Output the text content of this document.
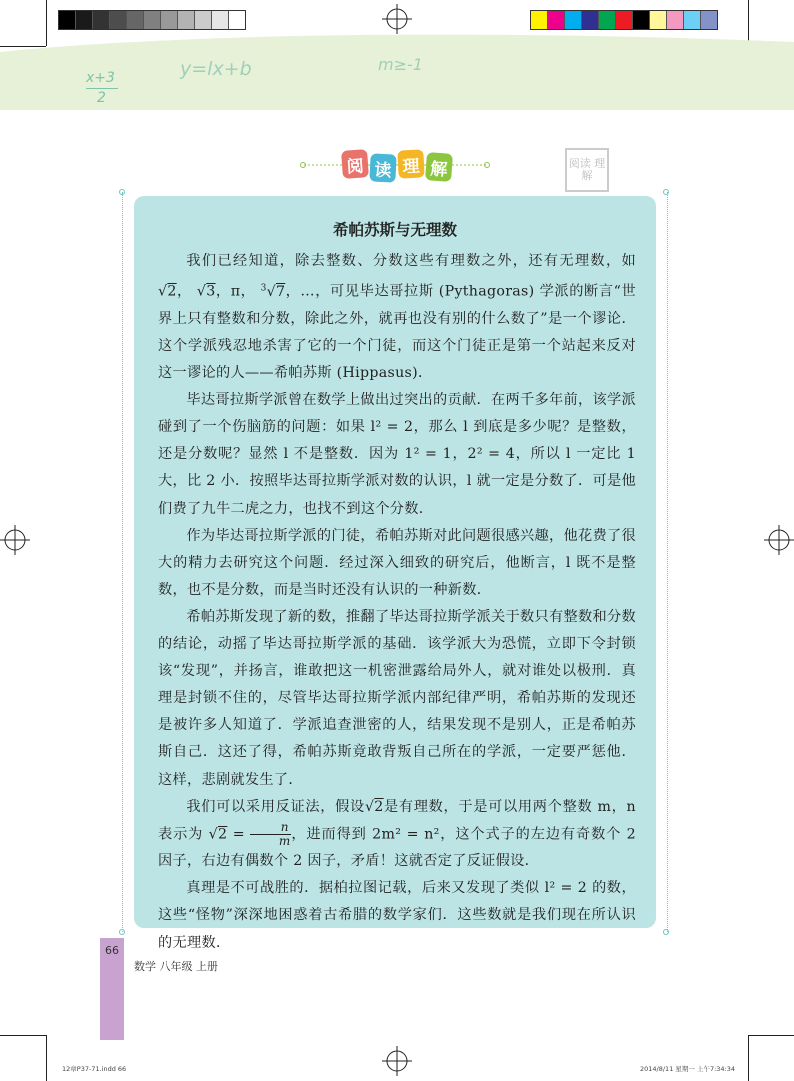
x+3
2
y=lx+b	m≥-1
阅 读 理 解	阅读 理解
希帕苏斯与无理数

我们已经知道，除去整数、分数这些有理数之外，还有无理数，如 √2， √3，π， $^3$√7，…，可见毕达哥拉斯 (Pythagoras) 学派的断言“世界上只有整数和分数，除此之外，就再也没有别的什么数了”是一个谬论．这个学派残忍地杀害了它的一个门徒，而这个门徒正是第一个站起来反对这一谬论的人——希帕苏斯 (Hippasus)．

毕达哥拉斯学派曾在数学上做出过突出的贡献．在两千多年前，该学派碰到了一个伤脑筋的问题：如果 l² = 2，那么 l 到底是多少呢？是整数，还是分数呢？显然 l 不是整数．因为 1² = 1，2² = 4，所以 l 一定比 1 大，比 2 小．按照毕达哥拉斯学派对数的认识，l 就一定是分数了．可是他们费了九牛二虎之力，也找不到这个分数．

作为毕达哥拉斯学派的门徒，希帕苏斯对此问题很感兴趣，他花费了很大的精力去研究这个问题．经过深入细致的研究后，他断言，l 既不是整数，也不是分数，而是当时还没有认识的一种新数．

希帕苏斯发现了新的数，推翻了毕达哥拉斯学派关于数只有整数和分数的结论，动摇了毕达哥拉斯学派的基础．该学派大为恐慌，立即下令封锁该“发现”，并扬言，谁敢把这一机密泄露给局外人，就对谁处以极刑．真理是封锁不住的，尽管毕达哥拉斯学派内部纪律严明，希帕苏斯的发现还是被许多人知道了．学派追查泄密的人，结果发现不是别人，正是希帕苏斯自己．这还了得，希帕苏斯竟敢背叛自己所在的学派，一定要严惩他．这样，悲剧就发生了．

我们可以采用反证法，假设√2是有理数，于是可以用两个整数 m，n 表示为 $√2 = \frac{n}{m}$ ，进而得到 2m² = n²，这个式子的左边有奇数个 2 因子，右边有偶数个 2 因子，矛盾！这就否定了反证假设．

真理是不可战胜的．据柏拉图记载，后来又发现了类似 l² = 2 的数，这些“怪物”深深地困惑着古希腊的数学家们．这些数就是我们现在所认识的无理数．

66
数学 八年级 上册
12章P37-71.indd 66	2014/8/11 星期一 上午7:34:34
